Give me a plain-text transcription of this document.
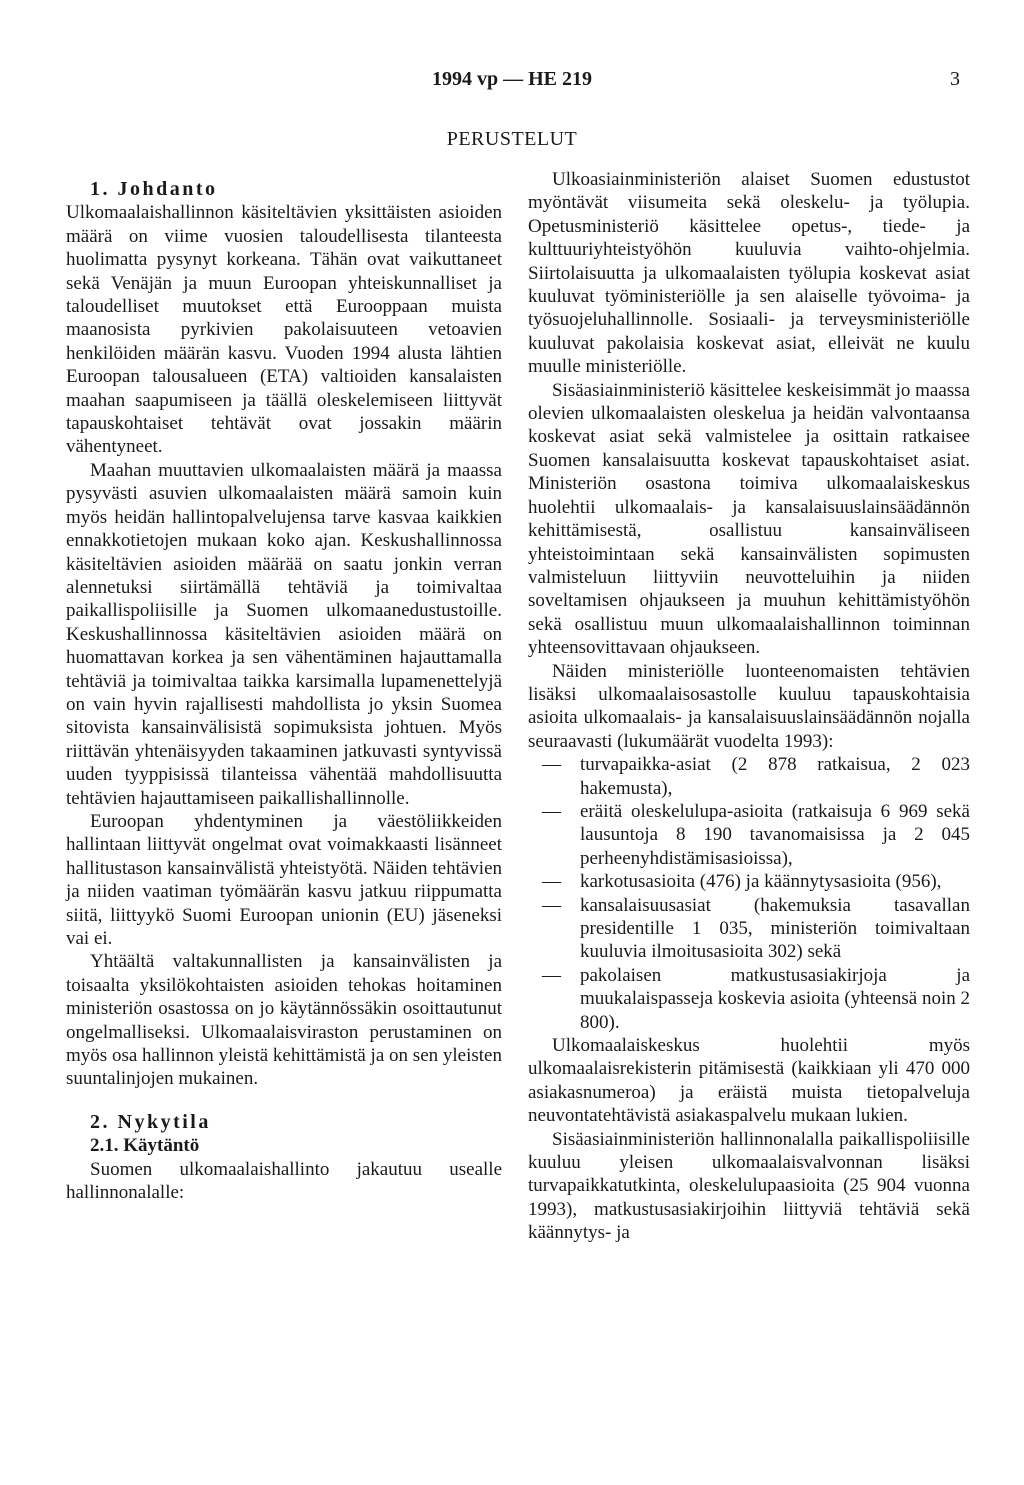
1994 vp — HE 219	3
PERUSTELUT

1. Johdanto

Ulkomaalaishallinnon käsiteltävien yksittäisten asioiden määrä on viime vuosien taloudellisesta tilanteesta huolimatta pysynyt korkeana. Tähän ovat vaikuttaneet sekä Venäjän ja muun Euroopan yhteiskunnalliset ja taloudelliset muutokset että Eurooppaan muista maanosista pyrkivien pakolaisuuteen vetoavien henkilöiden määrän kasvu. Vuoden 1994 alusta lähtien Euroopan talousalueen (ETA) valtioiden kansalaisten maahan saapumiseen ja täällä oleskelemiseen liittyvät tapauskohtaiset tehtävät ovat jossakin määrin vähentyneet.

Maahan muuttavien ulkomaalaisten määrä ja maassa pysyvästi asuvien ulkomaalaisten määrä samoin kuin myös heidän hallintopalvelujensa tarve kasvaa kaikkien ennakkotietojen mukaan koko ajan. Keskushallinnossa käsiteltävien asioiden määrää on saatu jonkin verran alennetuksi siirtämällä tehtäviä ja toimivaltaa paikallispoliisille ja Suomen ulkomaanedustustoille. Keskushallinnossa käsiteltävien asioiden määrä on huomattavan korkea ja sen vähentäminen hajauttamalla tehtäviä ja toimivaltaa taikka karsimalla lupamenettelyjä on vain hyvin rajallisesti mahdollista jo yksin Suomea sitovista kansainvälisistä sopimuksista johtuen. Myös riittävän yhtenäisyyden takaaminen jatkuvasti syntyvissä uuden tyyppisissä tilanteissa vähentää mahdollisuutta tehtävien hajauttamiseen paikallishallinnolle.

Euroopan yhdentyminen ja väestöliikkeiden hallintaan liittyvät ongelmat ovat voimakkaasti lisänneet hallitustason kansainvälistä yhteistyötä. Näiden tehtävien ja niiden vaatiman työmäärän kasvu jatkuu riippumatta siitä, liittyykö Suomi Euroopan unionin (EU) jäseneksi vai ei.

Yhtäältä valtakunnallisten ja kansainvälisten ja toisaalta yksilökohtaisten asioiden tehokas hoitaminen ministeriön osastossa on jo käytännössäkin osoittautunut ongelmalliseksi. Ulkomaalaisviraston perustaminen on myös osa hallinnon yleistä kehittämistä ja on sen yleisten suuntalinjojen mukainen.

2. Nykytila

2.1. Käytäntö

Suomen ulkomaalaishallinto jakautuu usealle hallinnonalalle:

Ulkoasiainministeriön alaiset Suomen edustustot myöntävät viisumeita sekä oleskelu- ja työlupia. Opetusministeriö käsittelee opetus-, tiede- ja kulttuuriyhteistyöhön kuuluvia vaihto-ohjelmia. Siirtolaisuutta ja ulkomaalaisten työlupia koskevat asiat kuuluvat työministeriölle ja sen alaiselle työvoima- ja työsuojeluhallinnolle. Sosiaali- ja terveysministeriölle kuuluvat pakolaisia koskevat asiat, elleivät ne kuulu muulle ministeriölle.

Sisäasiainministeriö käsittelee keskeisimmät jo maassa olevien ulkomaalaisten oleskelua ja heidän valvontaansa koskevat asiat sekä valmistelee ja osittain ratkaisee Suomen kansalaisuutta koskevat tapauskohtaiset asiat. Ministeriön osastona toimiva ulkomaalaiskeskus huolehtii ulkomaalais- ja kansalaisuuslainsäädännön kehittämisestä, osallistuu kansainväliseen yhteistoimintaan sekä kansainvälisten sopimusten valmisteluun liittyviin neuvotteluihin ja niiden soveltamisen ohjaukseen ja muuhun kehittämistyöhön sekä osallistuu muun ulkomaalaishallinnon toiminnan yhteensovittavaan ohjaukseen.

Näiden ministeriölle luonteenomaisten tehtävien lisäksi ulkomaalaisosastolle kuuluu tapauskohtaisia asioita ulkomaalais- ja kansalaisuuslainsäädännön nojalla seuraavasti (lukumäärät vuodelta 1993):

— turvapaikka-asiat (2 878 ratkaisua, 2 023 hakemusta),
— eräitä oleskelulupa-asioita (ratkaisuja 6 969 sekä lausuntoja 8 190 tavanomaisissa ja 2 045 perheenyhdistämisasioissa),
— karkotusasioita (476) ja käännytysasioita (956),
— kansalaisuusasiat (hakemuksia tasavallan presidentille 1 035, ministeriön toimivaltaan kuuluvia ilmoitusasioita 302) sekä
— pakolaisen matkustusasiakirjoja ja muukalaispasseja koskevia asioita (yhteensä noin 2 800).

Ulkomaalaiskeskus huolehtii myös ulkomaalaisrekisterin pitämisestä (kaikkiaan yli 470 000 asiakasnumeroa) ja eräistä muista tietopalveluja neuvontatehtävistä asiakaspalvelu mukaan lukien.

Sisäasiainministeriön hallinnonalalla paikallispoliisille kuuluu yleisen ulkomaalaisvalvonnan lisäksi turvapaikkatutkinta, oleskelulupaasioita (25 904 vuonna 1993), matkustusasiakirjoihin liittyviä tehtäviä sekä käännytys- ja
